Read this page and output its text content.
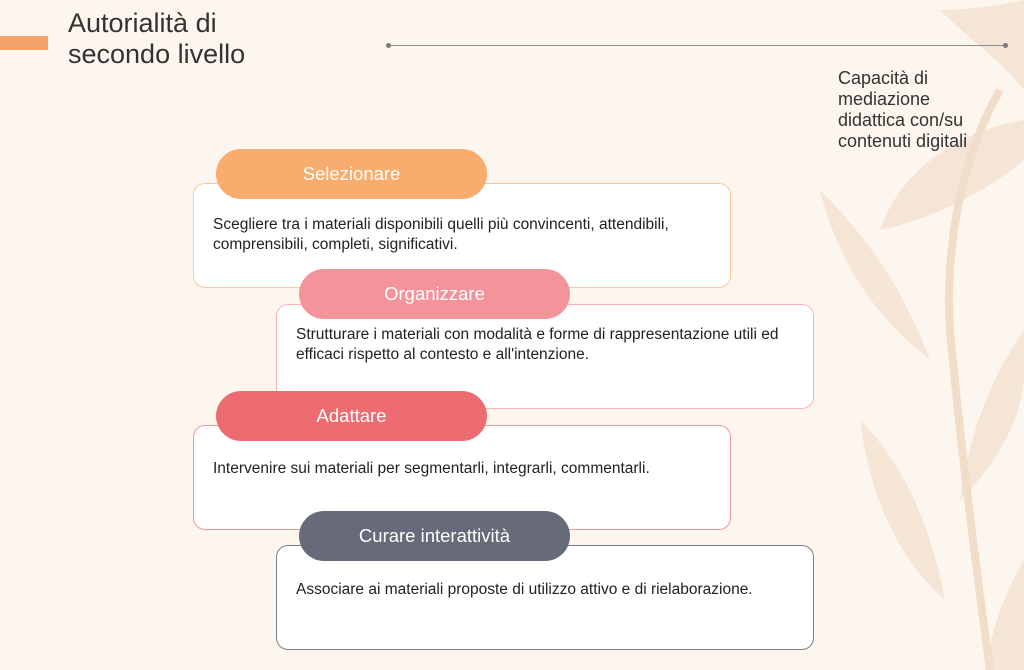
Autorialità di
secondo livello
Capacità di
mediazione
didattica con/su
contenuti digitali
Scegliere tra i materiali disponibili quelli più convincenti, attendibili, comprensibili, completi, significativi.
Selezionare
Strutturare i materiali con modalità e forme di rappresentazione utili ed efficaci rispetto al contesto e all'intenzione.
Organizzare
Intervenire sui materiali per segmentarli, integrarli, commentarli.
Adattare
Associare ai materiali proposte di utilizzo attivo e di rielaborazione.
Curare interattività
